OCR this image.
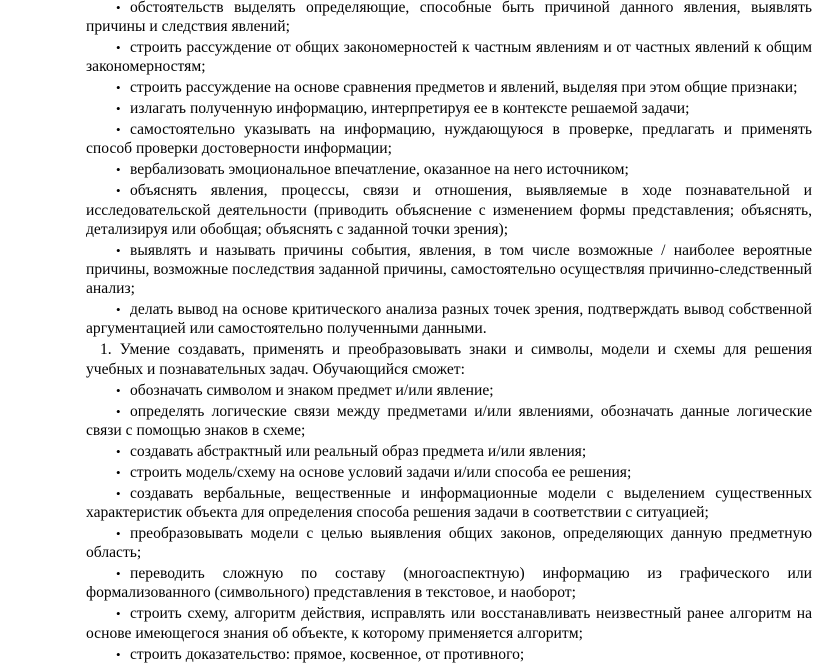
• обстоятельств выделять определяющие, способные быть причиной данного явления, выявлять причины и следствия явлений;

• строить рассуждение от общих закономерностей к частным явлениям и от частных явлений к общим закономерностям;

• строить рассуждение на основе сравнения предметов и явлений, выделяя при этом общие признаки;

• излагать полученную информацию, интерпретируя ее в контексте решаемой задачи;

• самостоятельно указывать на информацию, нуждающуюся в проверке, предлагать и применять способ проверки достоверности информации;

• вербализовать эмоциональное впечатление, оказанное на него источником;

• объяснять явления, процессы, связи и отношения, выявляемые в ходе познавательной и исследовательской деятельности (приводить объяснение с изменением формы представления; объяснять, детализируя или обобщая; объяснять с заданной точки зрения);

• выявлять и называть причины события, явления, в том числе возможные / наиболее вероятные причины, возможные последствия заданной причины, самостоятельно осуществляя причинно-следственный анализ;

• делать вывод на основе критического анализа разных точек зрения, подтверждать вывод собственной аргументацией или самостоятельно полученными данными.

1. Умение создавать, применять и преобразовывать знаки и символы, модели и схемы для решения учебных и познавательных задач. Обучающийся сможет:

• обозначать символом и знаком предмет и/или явление;

• определять логические связи между предметами и/или явлениями, обозначать данные логические связи с помощью знаков в схеме;

• создавать абстрактный или реальный образ предмета и/или явления;

• строить модель/схему на основе условий задачи и/или способа ее решения;

• создавать вербальные, вещественные и информационные модели с выделением существенных характеристик объекта для определения способа решения задачи в соответствии с ситуацией;

• преобразовывать модели с целью выявления общих законов, определяющих данную предметную область;

• переводить сложную по составу (многоаспектную) информацию из графического или формализованного (символьного) представления в текстовое, и наоборот;

• строить схему, алгоритм действия, исправлять или восстанавливать неизвестный ранее алгоритм на основе имеющегося знания об объекте, к которому применяется алгоритм;

• строить доказательство: прямое, косвенное, от противного;
